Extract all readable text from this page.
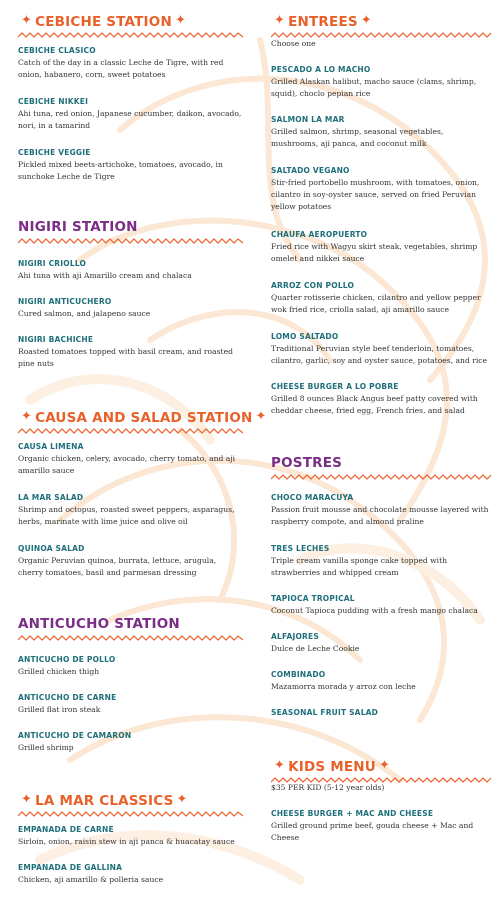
✦ CEBICHE STATION ✦
CEBICHE CLASICO
Catch of the day in a classic Leche de Tigre, with red onion, habanero, corn, sweet potatoes
CEBICHE NIKKEI
Ahi tuna, red onion, Japanese cucumber, daikon, avocado, nori, in a tamarind
CEBICHE VEGGIE
Pickled mixed beets-artichoke, tomatoes, avocado, in sunchoke Leche de Tigre
NIGIRI STATION
NIGIRI CRIOLLO
Ahi tuna with aji Amarillo cream and chalaca
NIGIRI ANTICUCHERO
Cured salmon, and jalapeno sauce
NIGIRI BACHICHE
Roasted tomatoes topped with basil cream, and roasted pine nuts
✦ CAUSA AND SALAD STATION ✦
CAUSA LIMENA
Organic chicken, celery, avocado, cherry tomato, and aji amarillo sauce
LA MAR SALAD
Shrimp and octopus, roasted sweet peppers, asparagus, herbs, marinate with lime juice and olive oil
QUINOA SALAD
Organic Peruvian quinoa, burrata, lettuce, arugula, cherry tomatoes, basil and parmesan dressing
ANTICUCHO STATION
ANTICUCHO DE POLLO
Grilled chicken thigh
ANTICUCHO DE CARNE
Grilled flat iron steak
ANTICUCHO DE CAMARON
Grilled shrimp
✦ LA MAR CLASSICS ✦
EMPANADA DE CARNE
Sirloin, onion, raisin stew in aji panca & huacatay sauce
EMPANADA DE GALLINA
Chicken, aji amarillo & polleria sauce
✦ ENTREES ✦
Choose one
PESCADO A LO MACHO
Grilled Alaskan halibut, macho sauce (clams, shrimp, squid), choclo pepian rice
SALMON LA MAR
Grilled salmon, shrimp, seasonal vegetables, mushrooms, aji panca, and coconut milk
SALTADO VEGANO
Stir-fried portobello mushroom, with tomatoes, onion, cilantro in soy-oyster sauce, served on fried Peruvian yellow potatoes
CHAUFA AEROPUERTO
Fried rice with Wagyu skirt steak, vegetables, shrimp omelet and nikkei sauce
ARROZ CON POLLO
Quarter rotisserie chicken, cilantro and yellow pepper wok fried rice, criolla salad, aji amarillo sauce
LOMO SALTADO
Traditional Peruvian style beef tenderloin, tomatoes, cilantro, garlic, soy and oyster sauce, potatoes, and rice
CHEESE BURGER A LO POBRE
Grilled 8 ounces Black Angus beef patty covered with cheddar cheese, fried egg, French fries, and salad
POSTRES
CHOCO MARACUYA
Passion fruit mousse and chocolate mousse layered with raspberry compote, and almond praline
TRES LECHES
Triple cream vanilla sponge cake topped with strawberries and whipped cream
TAPIOCA TROPICAL
Coconut Tapioca pudding with a fresh mango chalaca
ALFAJORES
Dulce de Leche Cookie
COMBINADO
Mazamorra morada y arroz con leche
SEASONAL FRUIT SALAD
✦ KIDS MENU ✦
$35 PER KID (5-12 year olds)
CHEESE BURGER + MAC AND CHEESE
Grilled ground prime beef, gouda cheese + Mac and Cheese
